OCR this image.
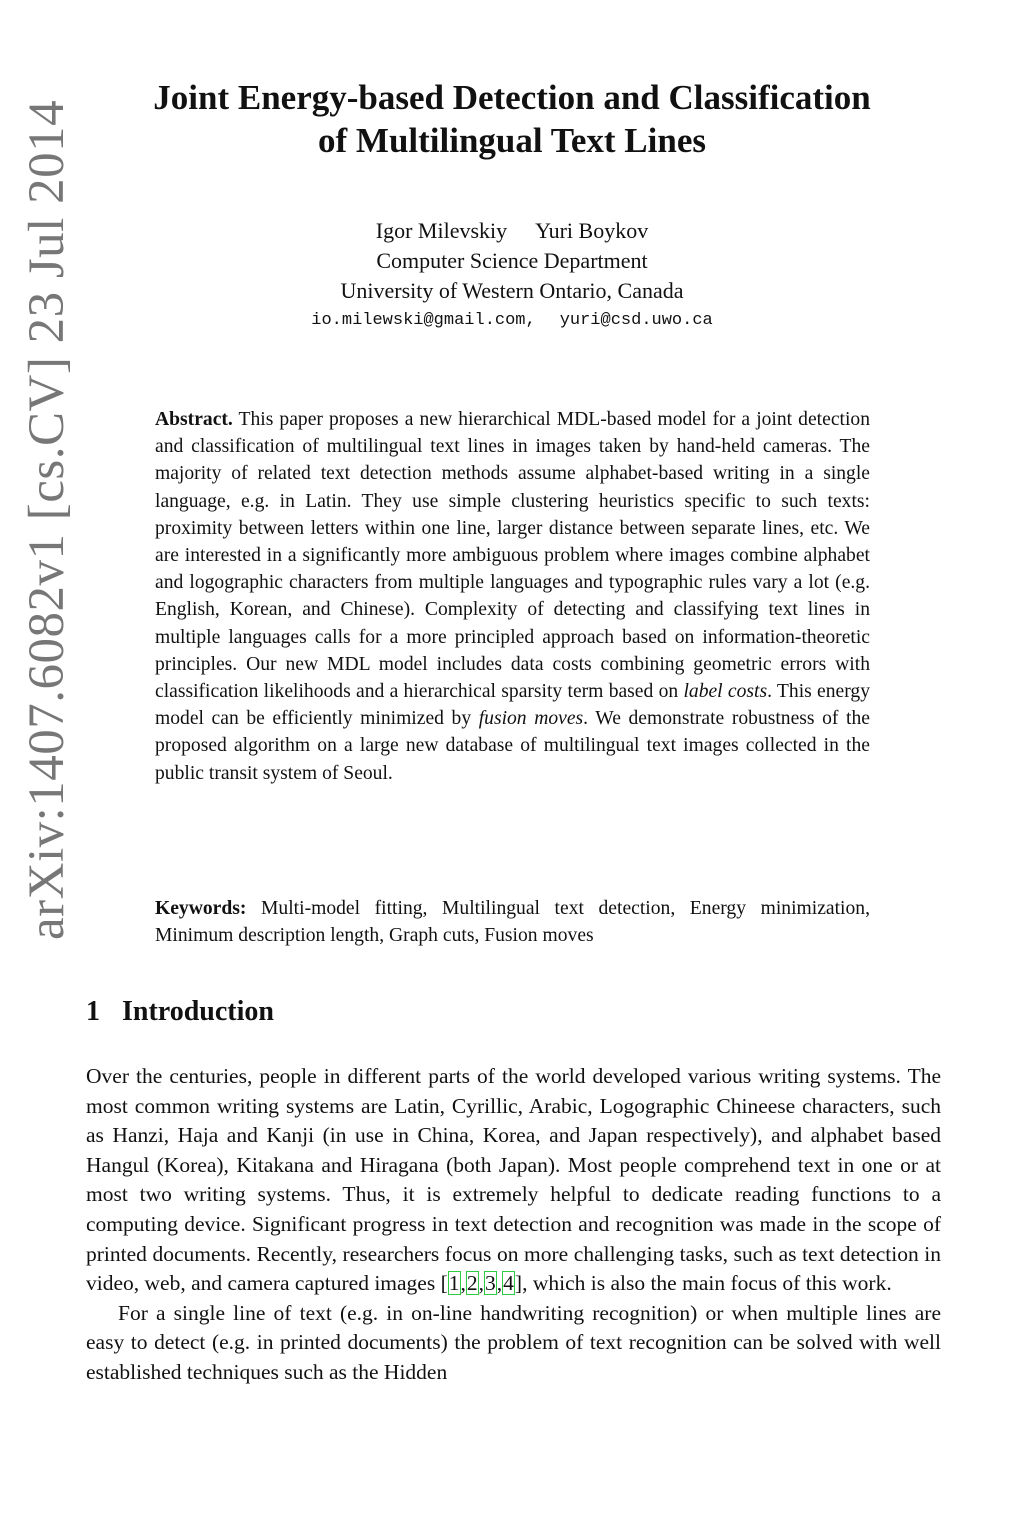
arXiv:1407.6082v1 [cs.CV] 23 Jul 2014
Joint Energy-based Detection and Classification
of Multilingual Text Lines
Igor Milevskiy Yuri Boykov
Computer Science Department
University of Western Ontario, Canada
io.milewski@gmail.com, yuri@csd.uwo.ca

Abstract. This paper proposes a new hierarchical MDL-based model for a joint detection and classification of multilingual text lines in images taken by hand-held cameras. The majority of related text detection methods assume alphabet-based writing in a single language, e.g. in Latin. They use simple clustering heuristics specific to such texts: proximity between letters within one line, larger distance between separate lines, etc. We are interested in a significantly more ambiguous problem where images combine alphabet and logographic characters from multiple languages and typographic rules vary a lot (e.g. English, Korean, and Chinese). Complexity of detecting and classifying text lines in multiple languages calls for a more principled approach based on information-theoretic principles. Our new MDL model includes data costs combining geometric errors with classification likelihoods and a hierarchical sparsity term based on label costs. This energy model can be efficiently minimized by fusion moves. We demonstrate robustness of the proposed algorithm on a large new database of multilingual text images collected in the public transit system of Seoul.

Keywords: Multi-model fitting, Multilingual text detection, Energy minimization, Minimum description length, Graph cuts, Fusion moves

1 Introduction

Over the centuries, people in different parts of the world developed various writing systems. The most common writing systems are Latin, Cyrillic, Arabic, Logographic Chineese characters, such as Hanzi, Haja and Kanji (in use in China, Korea, and Japan respectively), and alphabet based Hangul (Korea), Kitakana and Hiragana (both Japan). Most people comprehend text in one or at most two writing systems. Thus, it is extremely helpful to dedicate reading functions to a computing device. Significant progress in text detection and recognition was made in the scope of printed documents. Recently, researchers focus on more challenging tasks, such as text detection in video, web, and camera captured images [1,2,3,4], which is also the main focus of this work.

For a single line of text (e.g. in on-line handwriting recognition) or when multiple lines are easy to detect (e.g. in printed documents) the problem of text recognition can be solved with well established techniques such as the Hidden
